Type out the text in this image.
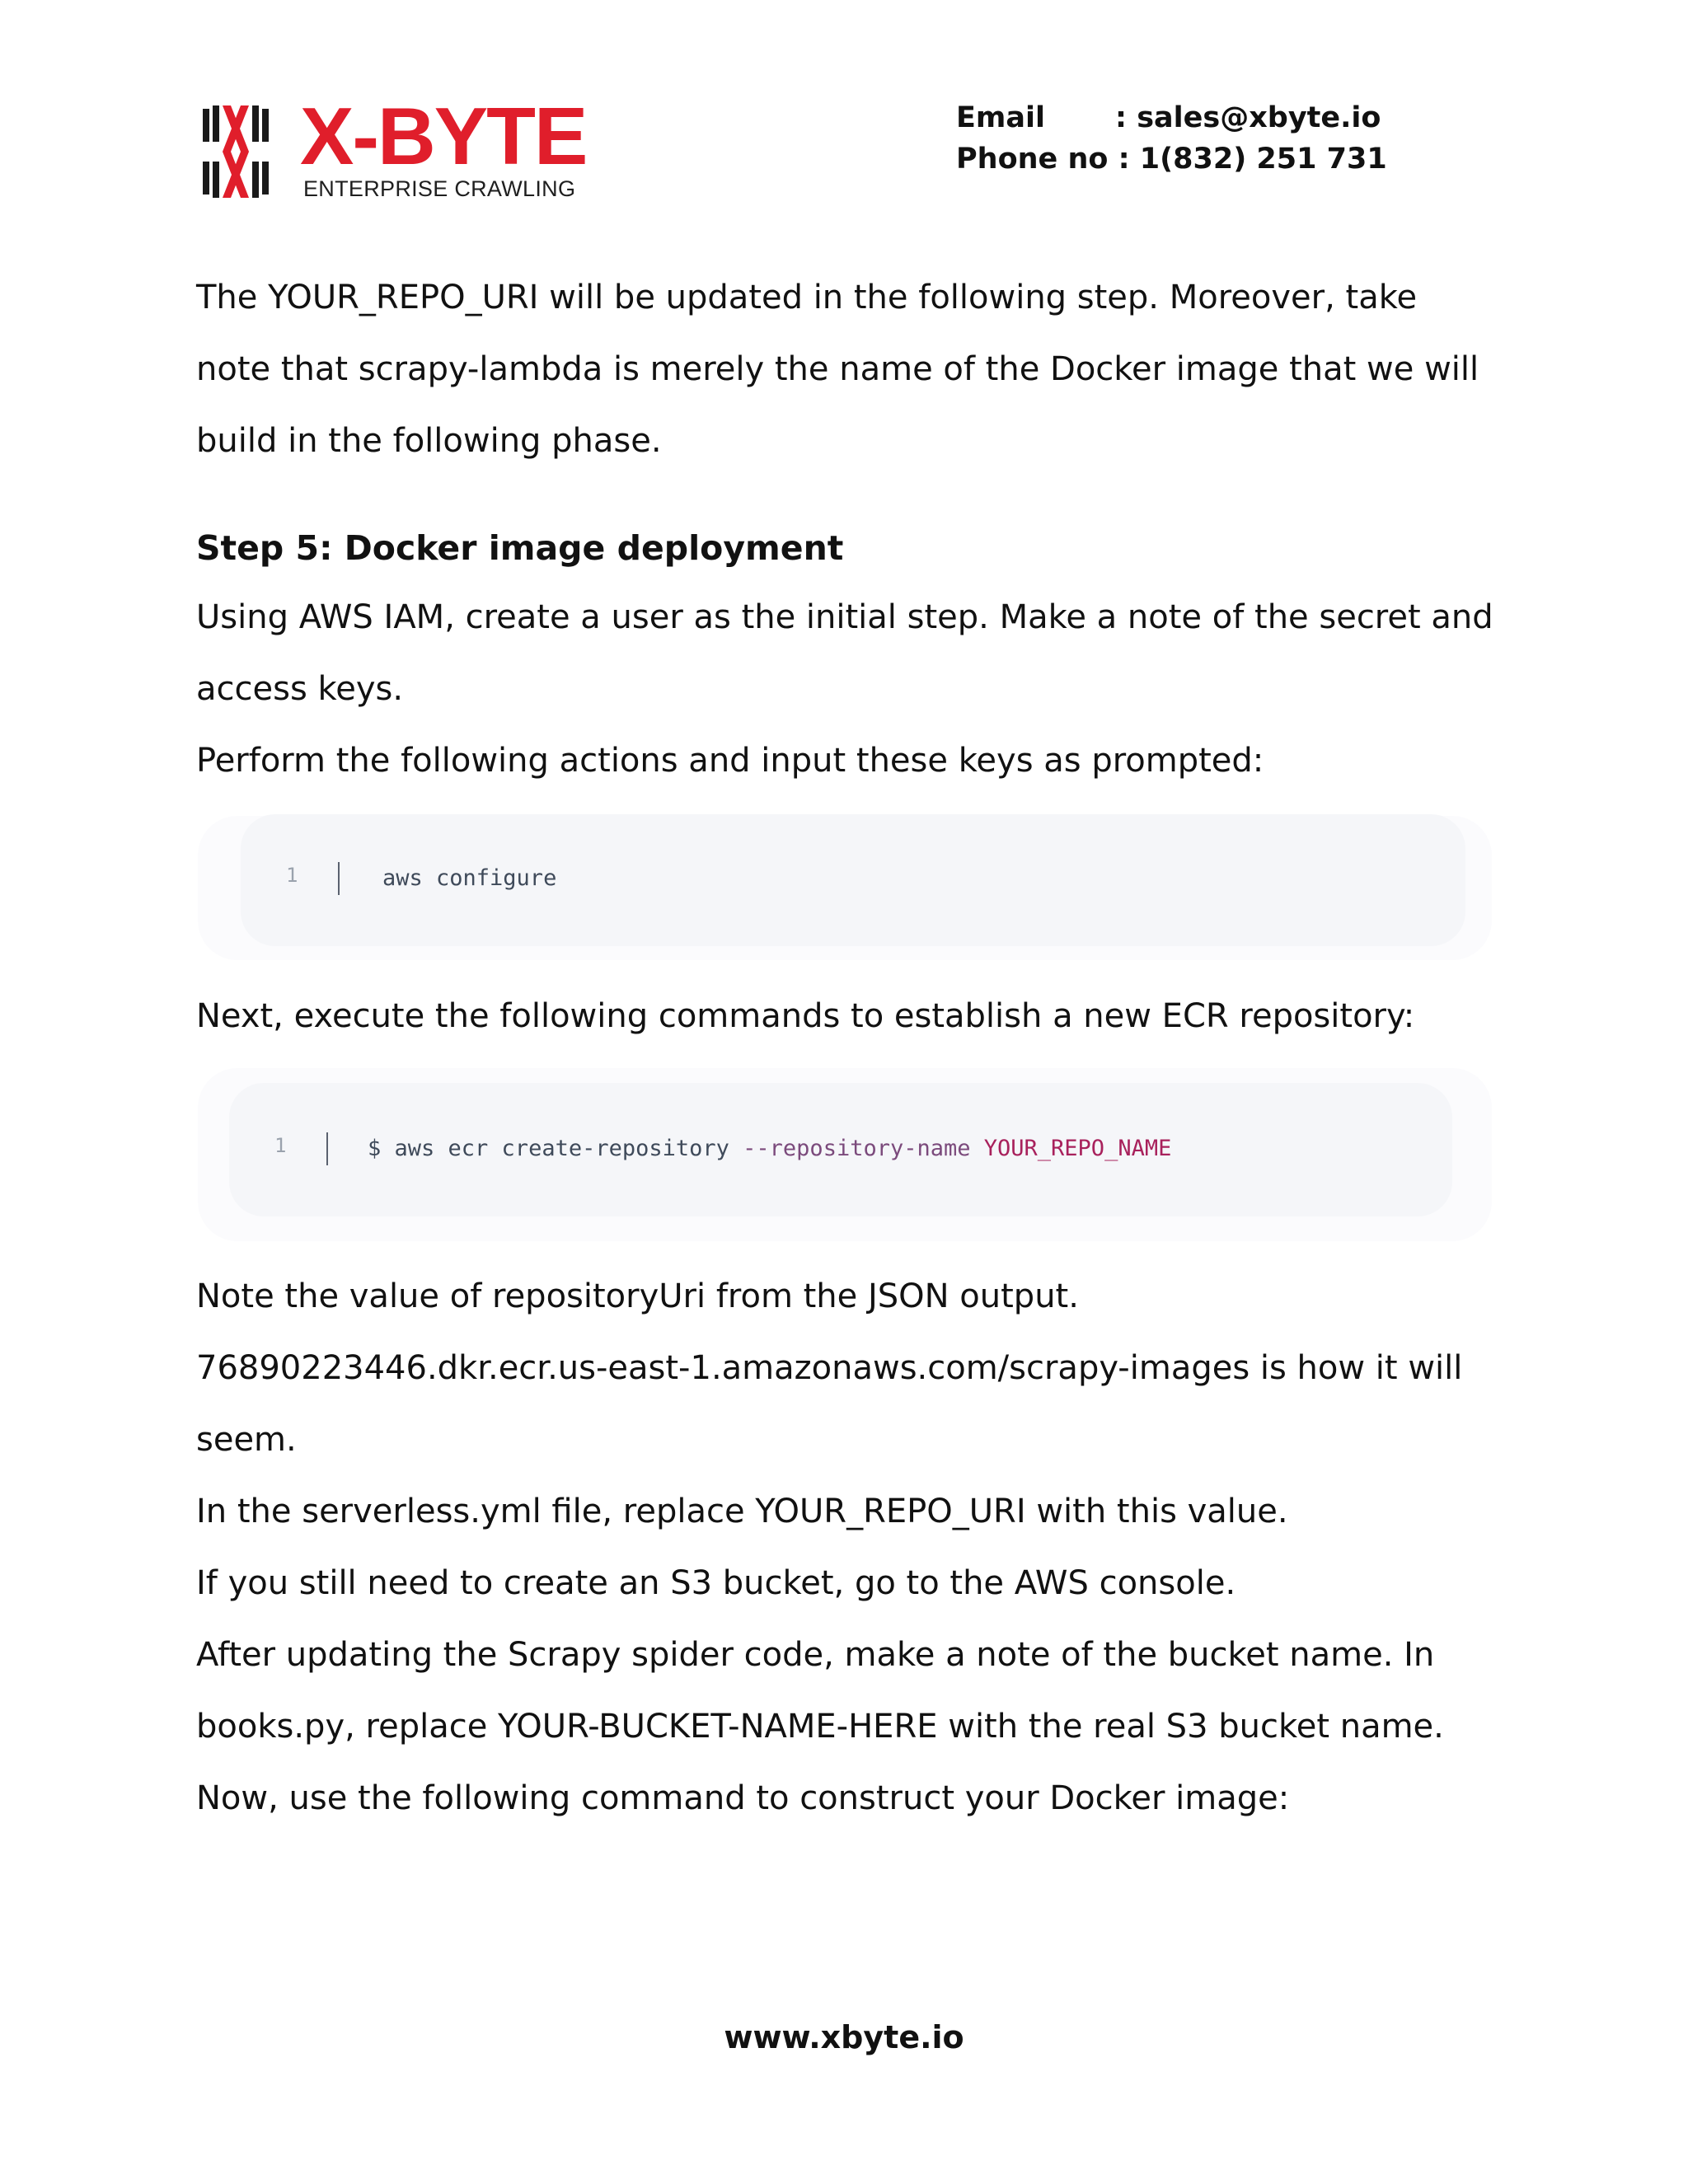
X-BYTE
ENTERPRISE CRAWLING
Email : sales@xbyte.io
Phone no : 1(832) 251 731

The YOUR_REPO_URI will be updated in the following step. Moreover, take note that scrapy-lambda is merely the name of the Docker image that we will build in the following phase.

Step 5: Docker image deployment

Using AWS IAM, create a user as the initial step. Make a note of the secret and access keys.

Perform the following actions and input these keys as prompted:

1	aws configure

Next, execute the following commands to establish a new ECR repository:

1	$ aws ecr create-repository --repository-name YOUR_REPO_NAME

Note the value of repositoryUri from the JSON output. 76890223446.dkr.ecr.us-east-1.amazonaws.com/scrapy-images is how it will seem.

In the serverless.yml file, replace YOUR_REPO_URI with this value.

If you still need to create an S3 bucket, go to the AWS console.

After updating the Scrapy spider code, make a note of the bucket name. In books.py, replace YOUR-BUCKET-NAME-HERE with the real S3 bucket name.

Now, use the following command to construct your Docker image:

www.xbyte.io
